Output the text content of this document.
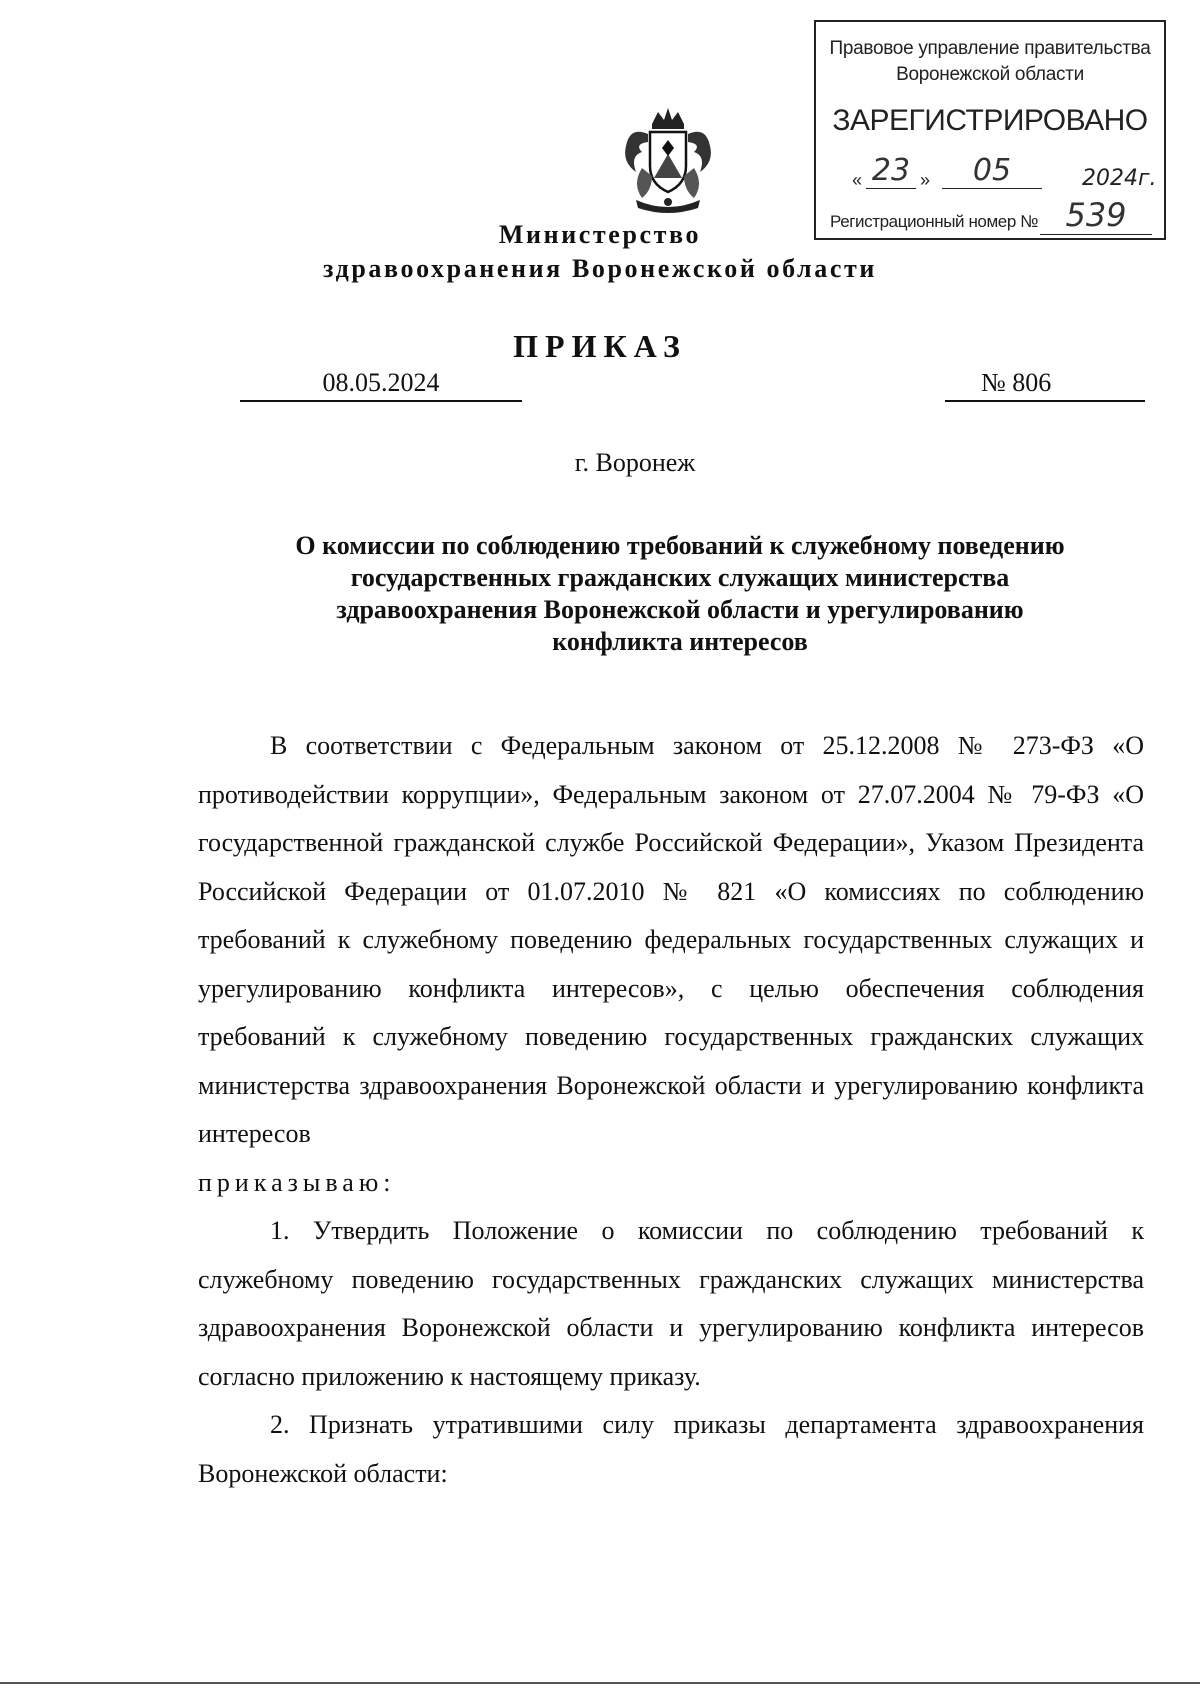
Правовое управление правительства
Воронежской области
ЗАРЕГИСТРИРОВАНО
« 23 »	05	2024г.
Регистрационный номер № 539
Министерство
здравоохранения Воронежской области
ПРИКАЗ
08.05.2024	№ 806
г. Воронеж
О комиссии по соблюдению требований к служебному поведению
государственных гражданских служащих министерства
здравоохранения Воронежской области и урегулированию
конфликта интересов

В соответствии с Федеральным законом от 25.12.2008 № 273-ФЗ «О противодействии коррупции», Федеральным законом от 27.07.2004 № 79-ФЗ «О государственной гражданской службе Российской Федерации», Указом Президента Российской Федерации от 01.07.2010 № 821 «О комиссиях по соблюдению требований к служебному поведению федеральных государственных служащих и урегулированию конфликта интересов», с целью обеспечения соблюдения требований к служебному поведению государственных гражданских служащих министерства здравоохранения Воронежской области и урегулированию конфликта интересов

приказываю:

1. Утвердить Положение о комиссии по соблюдению требований к служебному поведению государственных гражданских служащих министерства здравоохранения Воронежской области и урегулированию конфликта интересов согласно приложению к настоящему приказу.

2. Признать утратившими силу приказы департамента здравоохранения Воронежской области:
